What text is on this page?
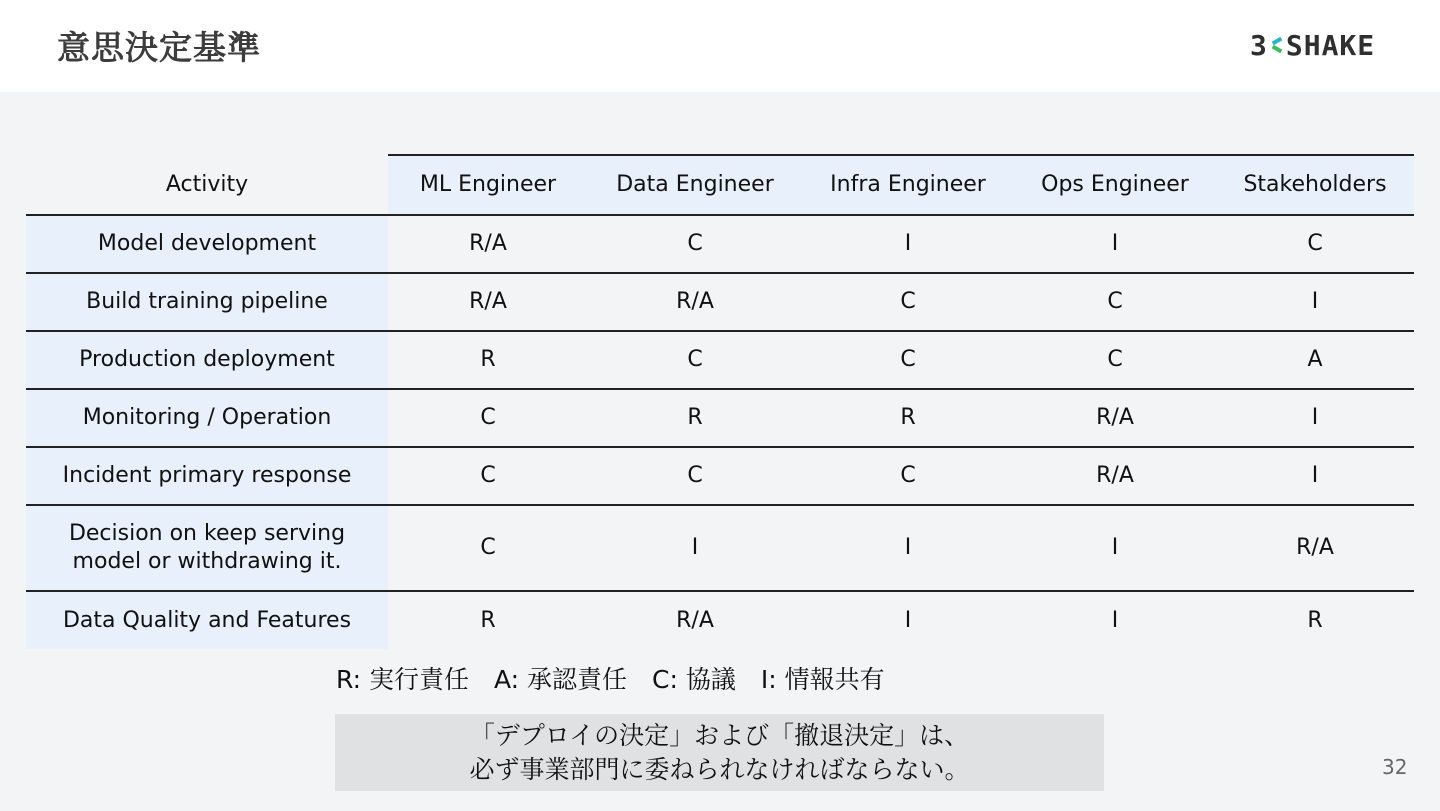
意思決定基準	3 SHAKE
Activity	ML Engineer	Data Engineer	Infra Engineer	Ops Engineer	Stakeholders

Model development	R/A	C	I	I	C

Build training pipeline	R/A	R/A	C	C	I

Production deployment	R	C	C	C	A

Monitoring / Operation	C	R	R	R/A	I

Incident primary response	C	C	C	R/A	I

Decision on keep serving
model or withdrawing it.	C	I	I	I	R/A

Data Quality and Features	R	R/A	I	I	R
R: 実行責任　A: 承認責任　C: 協議　I: 情報共有
「デプロイの決定」および「撤退決定」は、
必ず事業部門に委ねられなければならない。	32
